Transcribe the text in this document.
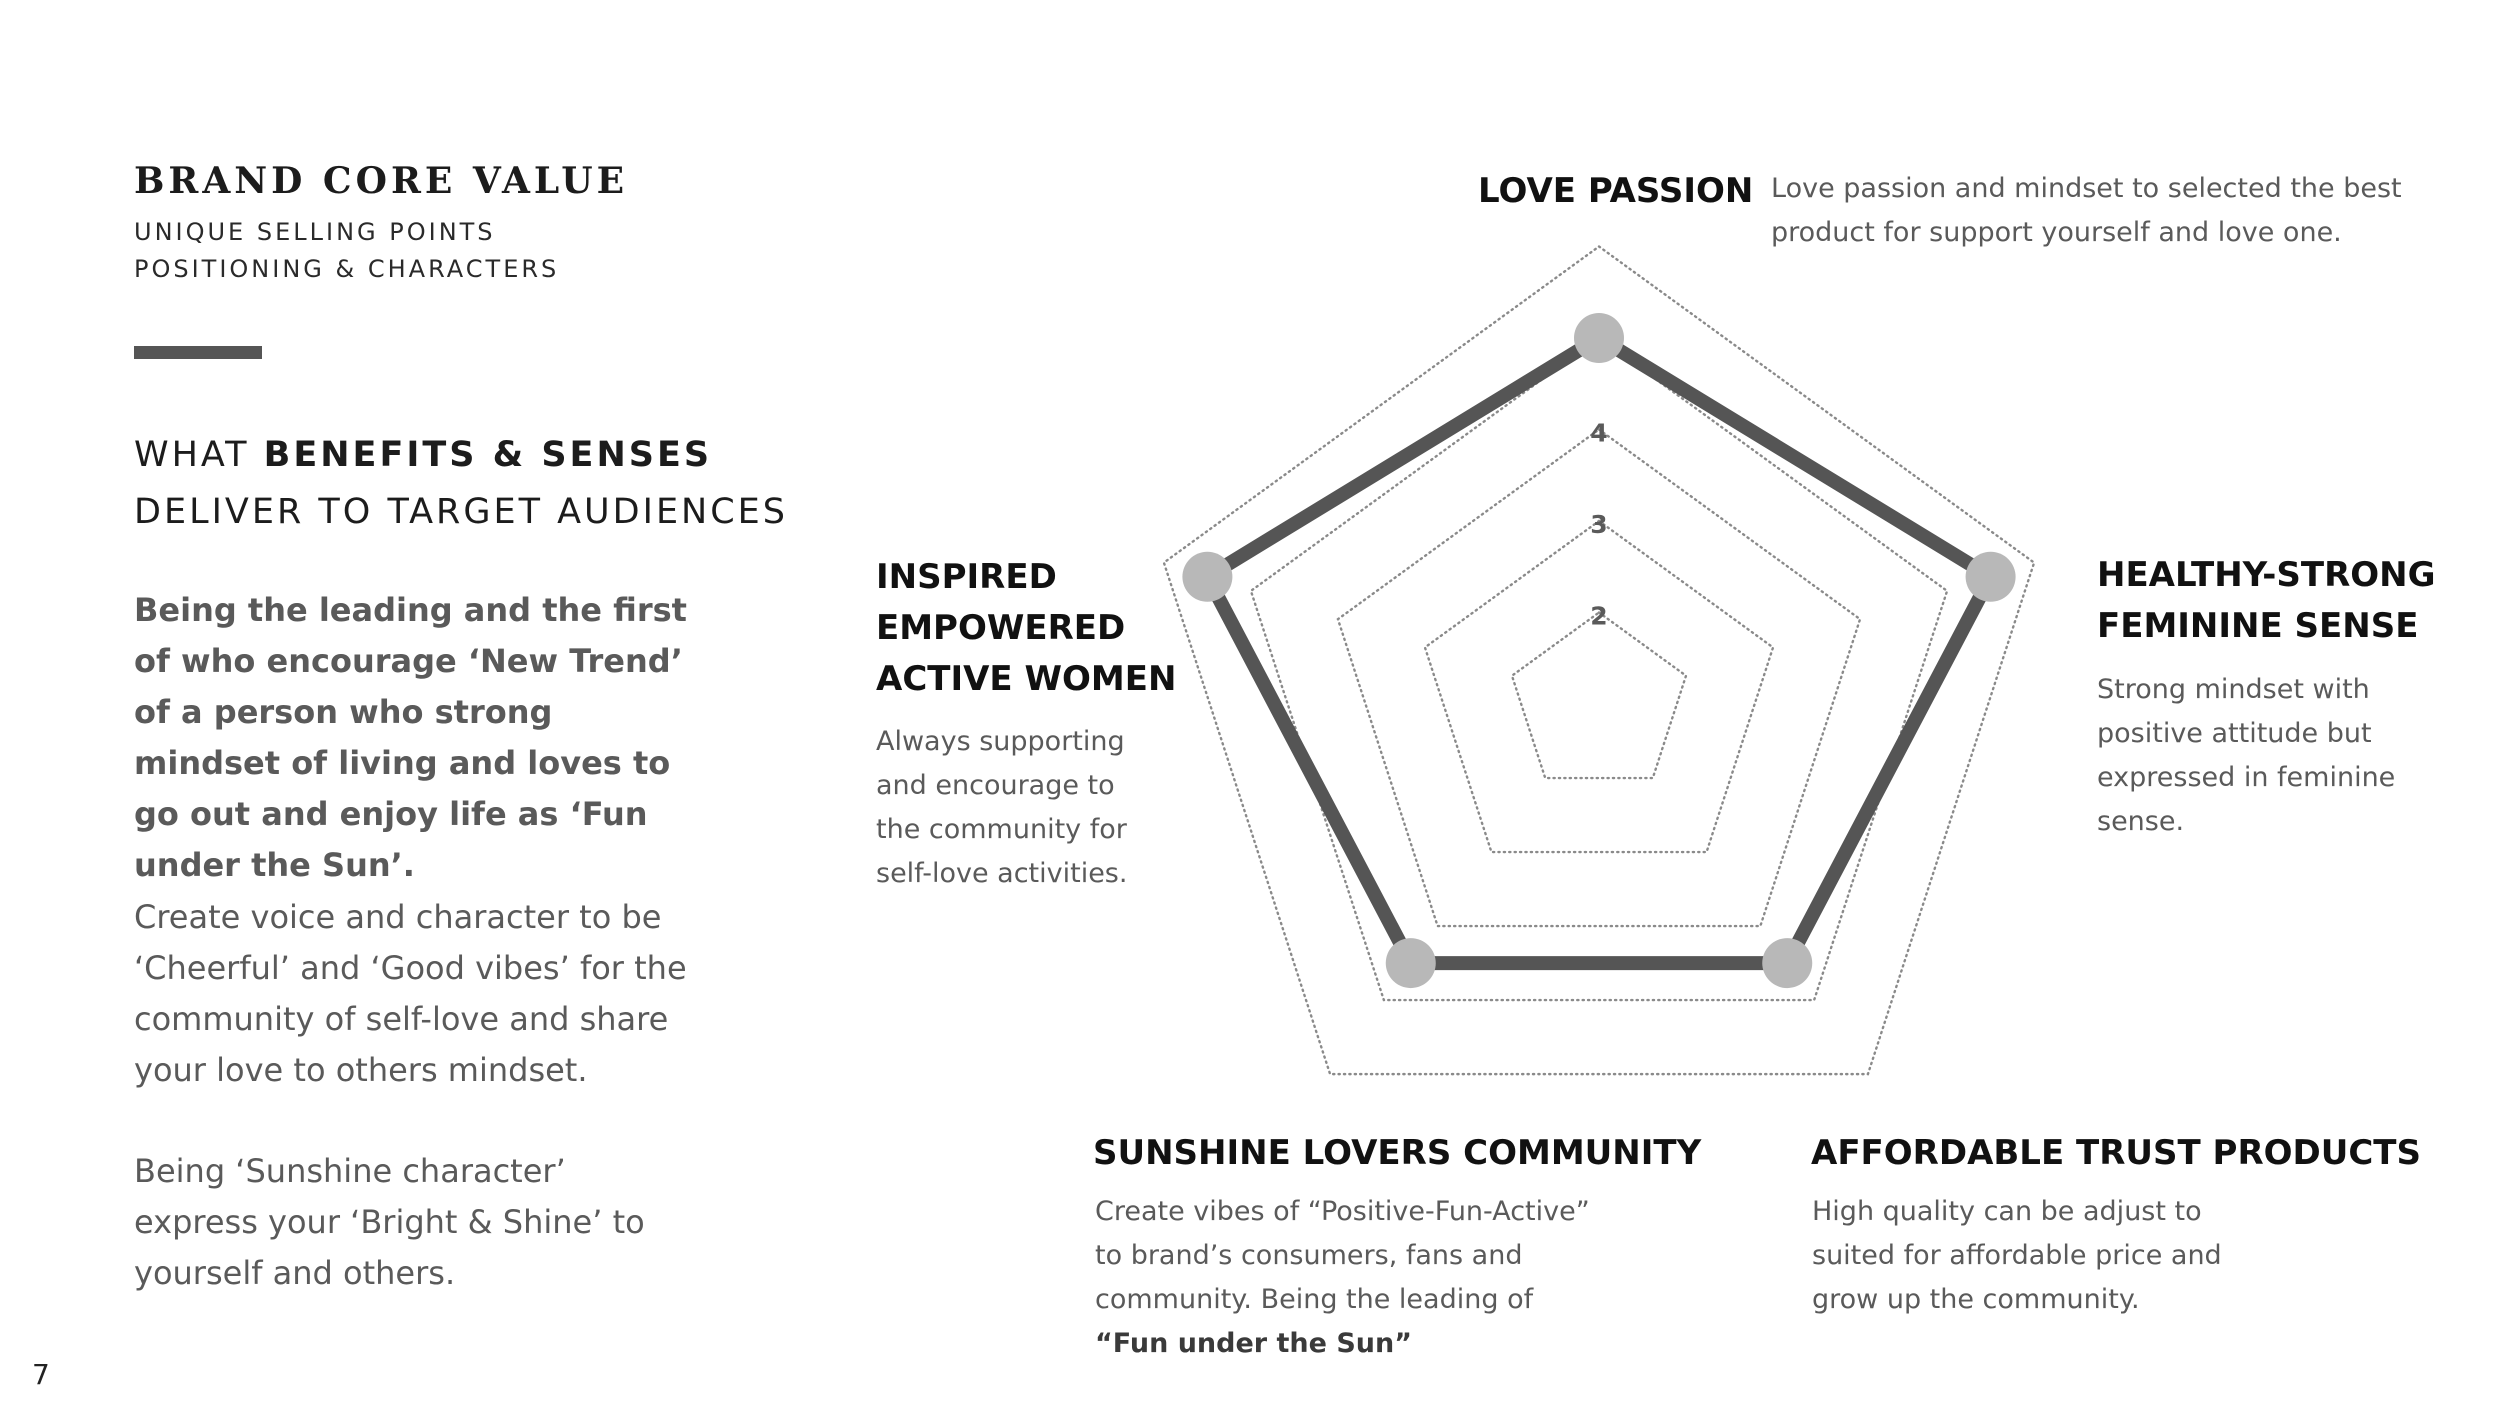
BRAND CORE VALUE
UNIQUE SELLING POINTS
POSITIONING & CHARACTERS
WHAT BENEFITS & SENSES
DELIVER TO TARGET AUDIENCES

Being the leading and the first of who encourage ‘New Trend’ of a person who strong mindset of living and loves to go out and enjoy life as ‘Fun under the Sun’.

Create voice and character to be ‘Cheerful’ and ‘Good vibes’ for the community of self-love and share your love to others mindset.

Being ‘Sunshine character’ express your ‘Bright & Shine’ to yourself and others.

2
3
4
LOVE PASSION Love passion and mindset to selected the best product for support yourself and love one.

HEALTHY-STRONG
FEMININE SENSE

Strong mindset with positive attitude but expressed in feminine sense.

INSPIRED
EMPOWERED
ACTIVE WOMEN

Always supporting and encourage to the community for self-love activities.

SUNSHINE LOVERS COMMUNITY

Create vibes of “Positive-Fun-Active” to brand’s consumers, fans and community. Being the leading of

“Fun under the Sun”

AFFORDABLE TRUST PRODUCTS

High quality can be adjust to suited for affordable price and grow up the community.

7
